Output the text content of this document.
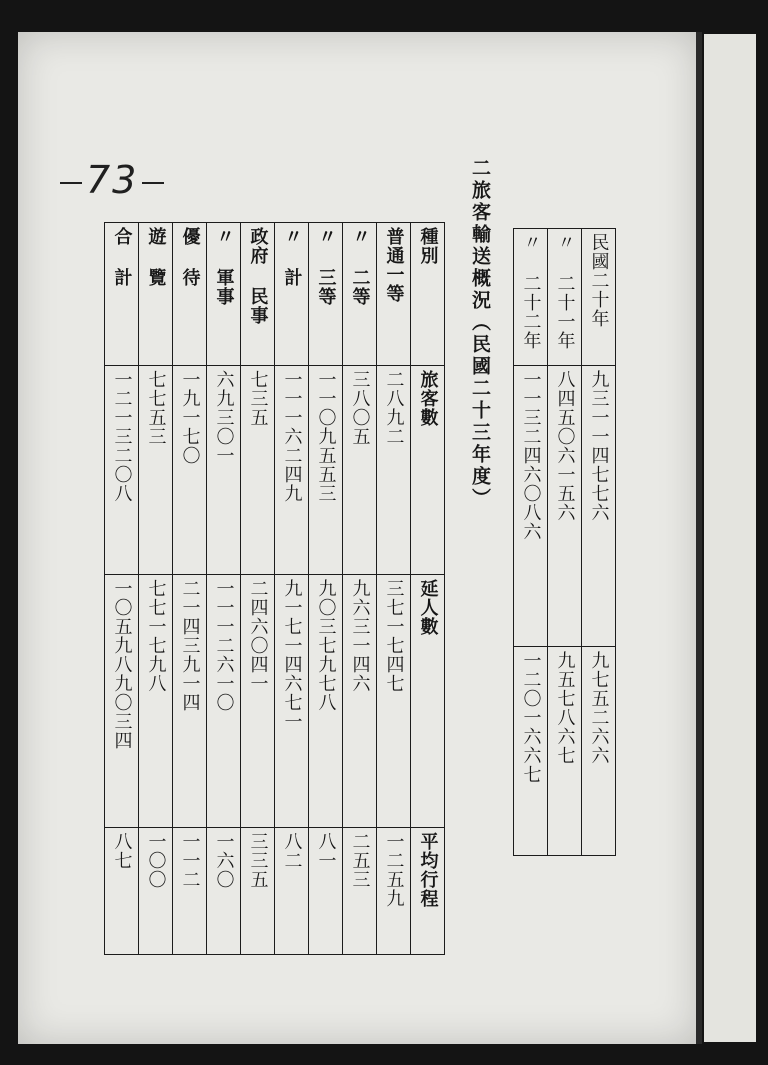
73	二旅客輸送概況（民國二十三年度） 〃 二十二年	〃 二十一年	民國二十年

一一三二四六〇八六	八四五〇六一五六	九三一一四七七六

一二〇一六六七	九五七八六七	九七五二六六
合 計	遊 覽	優 待	〃 軍事	政府 民事	〃 計	〃 三等	〃 二等	普通一等	種別

一二一三二〇八	七七五三	一九一七〇	六九三〇一	七三五	一一一六二四九	一一〇九五五三	三八〇五	二八九二	旅客數

一〇五九八九〇三四	七七一七九八	二一四三九一四	一一一二六一〇	二四六〇四一	九一七一四六七一	九〇三七九七八	九六三一四六	三七一七四七	延人數

八七	一〇〇	一一二	一六〇	三三五	八二	八一	二五三	一二五九	平均行程
